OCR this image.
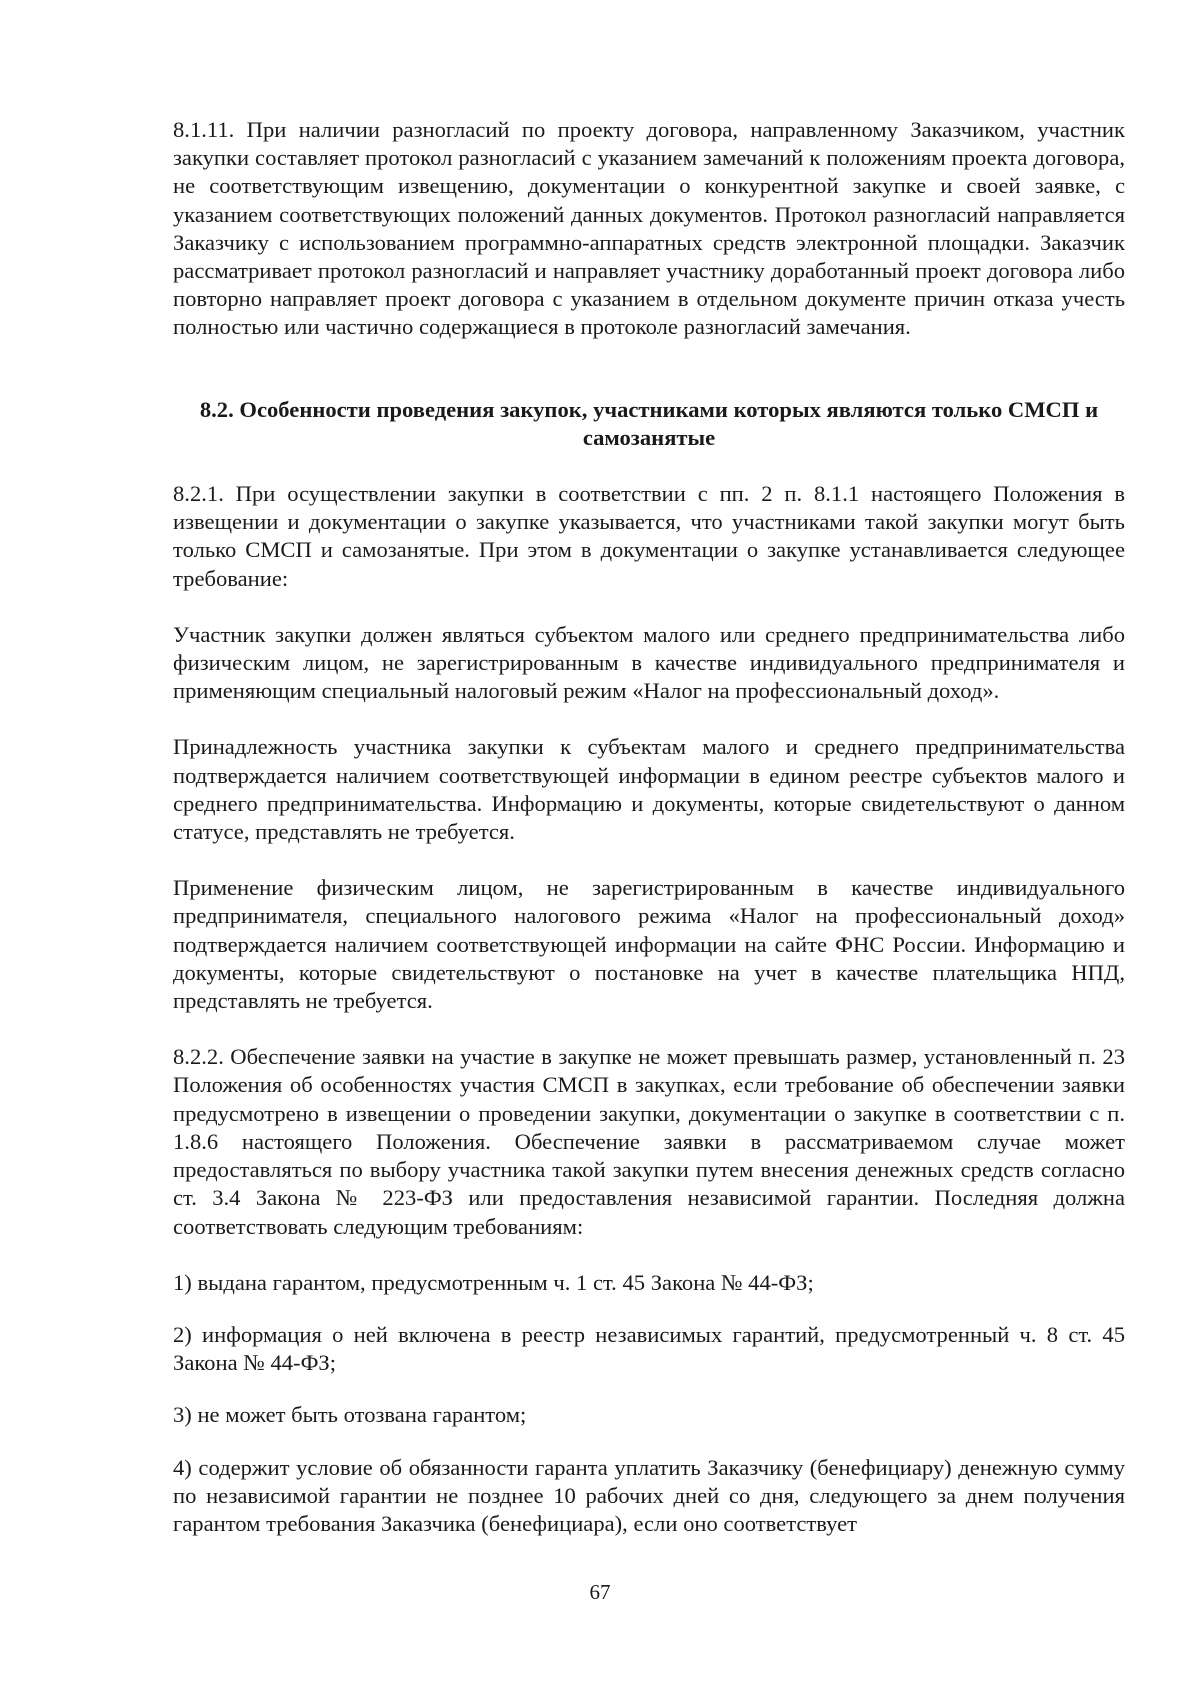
8.1.11. При наличии разногласий по проекту договора, направленному Заказчиком, участник закупки составляет протокол разногласий с указанием замечаний к положениям проекта договора, не соответствующим извещению, документации о конкурентной закупке и своей заявке, с указанием соответствующих положений данных документов. Протокол разногласий направляется Заказчику с использованием программно-аппаратных средств электронной площадки. Заказчик рассматривает протокол разногласий и направляет участнику доработанный проект договора либо повторно направляет проект договора с указанием в отдельном документе причин отказа учесть полностью или частично содержащиеся в протоколе разногласий замечания.

8.2. Особенности проведения закупок, участниками которых являются только СМСП и самозанятые

8.2.1. При осуществлении закупки в соответствии с пп. 2 п. 8.1.1 настоящего Положения в извещении и документации о закупке указывается, что участниками такой закупки могут быть только СМСП и самозанятые. При этом в документации о закупке устанавливается следующее требование:

Участник закупки должен являться субъектом малого или среднего предпринимательства либо физическим лицом, не зарегистрированным в качестве индивидуального предпринимателя и применяющим специальный налоговый режим «Налог на профессиональный доход».

Принадлежность участника закупки к субъектам малого и среднего предпринимательства подтверждается наличием соответствующей информации в едином реестре субъектов малого и среднего предпринимательства. Информацию и документы, которые свидетельствуют о данном статусе, представлять не требуется.

Применение физическим лицом, не зарегистрированным в качестве индивидуального предпринимателя, специального налогового режима «Налог на профессиональный доход» подтверждается наличием соответствующей информации на сайте ФНС России. Информацию и документы, которые свидетельствуют о постановке на учет в качестве плательщика НПД, представлять не требуется.

8.2.2. Обеспечение заявки на участие в закупке не может превышать размер, установленный п. 23 Положения об особенностях участия СМСП в закупках, если требование об обеспечении заявки предусмотрено в извещении о проведении закупки, документации о закупке в соответствии с п. 1.8.6 настоящего Положения. Обеспечение заявки в рассматриваемом случае может предоставляться по выбору участника такой закупки путем внесения денежных средств согласно ст. 3.4 Закона № 223-ФЗ или предоставления независимой гарантии. Последняя должна соответствовать следующим требованиям:

1) выдана гарантом, предусмотренным ч. 1 ст. 45 Закона № 44-ФЗ;

2) информация о ней включена в реестр независимых гарантий, предусмотренный ч. 8 ст. 45 Закона № 44-ФЗ;

3) не может быть отозвана гарантом;

4) содержит условие об обязанности гаранта уплатить Заказчику (бенефициару) денежную сумму по независимой гарантии не позднее 10 рабочих дней со дня, следующего за днем получения гарантом требования Заказчика (бенефициара), если оно соответствует

67
